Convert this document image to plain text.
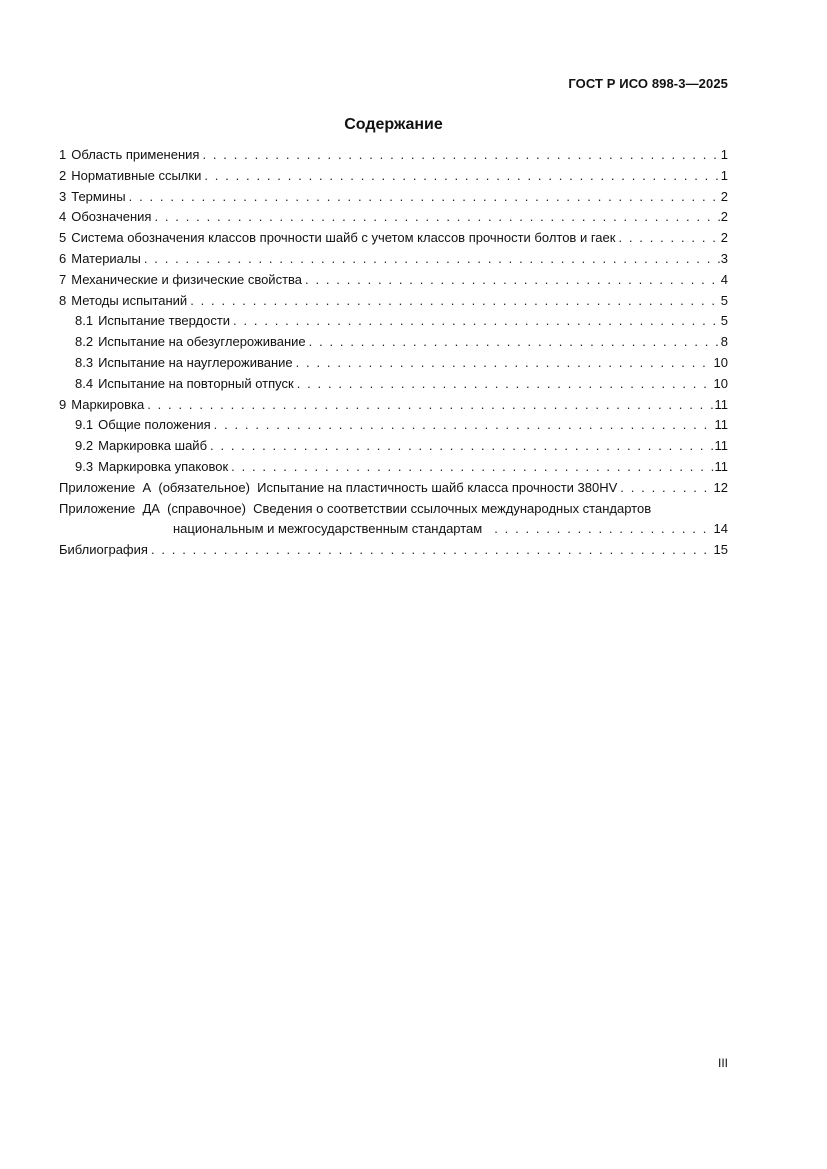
ГОСТ Р ИСО 898-3—2025
Содержание
1 Область применения . . .	1
2 Нормативные ссылки . . .	1
3 Термины . . .	2
4 Обозначения . . .	2
5 Система обозначения классов прочности шайб с учетом классов прочности болтов и гаек . . .	2
6 Материалы . . .	3
7 Механические и физические свойства . . .	4
8 Методы испытаний . . .	5
8.1 Испытание твердости . . .	5
8.2 Испытание на обезуглероживание . . .	8
8.3 Испытание на науглероживание . . .	10
8.4 Испытание на повторный отпуск . . .	10
9 Маркировка . . .	11
9.1 Общие положения . . .	11
9.2 Маркировка шайб . . .	11
9.3 Маркировка упаковок . . .	11
Приложение  А  (обязательное)  Испытание на пластичность шайб класса прочности 380HV . . .	12
Приложение  ДА  (справочное)  Сведения о соответствии ссылочных международных стандартов
национальным и межгосударственным стандартам . . .	14
Библиография . . .	15
III
